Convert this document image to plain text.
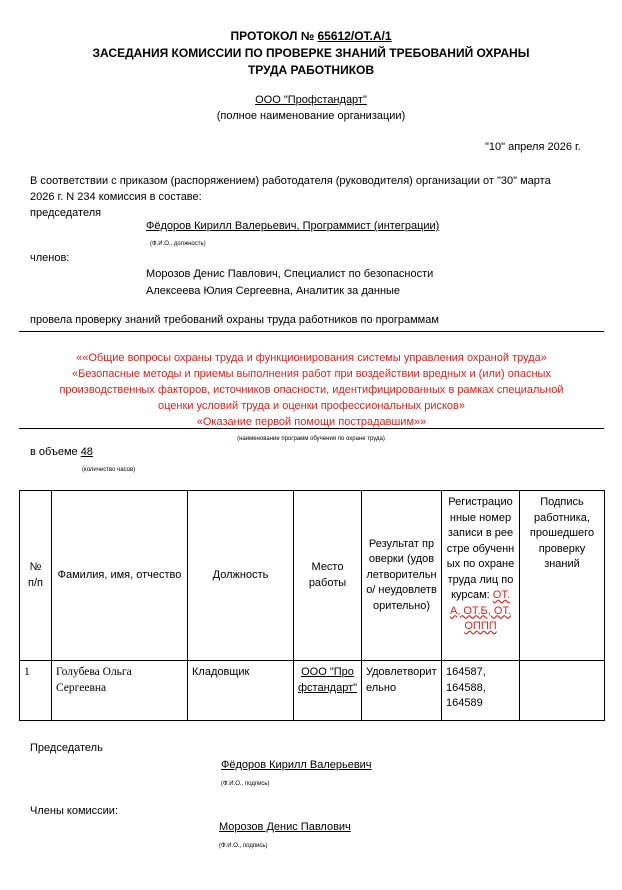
ПРОТОКОЛ № 65612/ОТ.А/1
ЗАСЕДАНИЯ КОМИССИИ ПО ПРОВЕРКЕ ЗНАНИЙ ТРЕБОВАНИЙ ОХРАНЫ
ТРУДА РАБОТНИКОВ
ООО "Профстандарт"
(полное наименование организации)
"10" апреля 2026 г.
В соответствии с приказом (распоряжением) работодателя (руководителя) организации от "30" марта
2026 г. N 234 комиссия в составе:
председателя
Фёдоров Кирилл Валерьевич, Программист (интеграции)
(Ф.И.О., должность)
членов:
Морозов Денис Павлович, Специалист по безопасности
Алексеева Юлия Сергеевна, Аналитик за данные
провела проверку знаний требований охраны труда работников по программам
««Общие вопросы охраны труда и функционирования системы управления охраной труда»
«Безопасные методы и приемы выполнения работ при воздействии вредных и (или) опасных
производственных факторов, источников опасности, идентифицированных в рамках специальной
оценки условий труда и оценки профессиональных рисков»
«Оказание первой помощи пострадавшим»»
(наименование программ обучения по охране труда)
в объеме 48
(количество часов)
№ п/п	Фамилия, имя, отчество	Должность	Место работы	Результат проверки (удовлетворительно/ неудовлетворительно)	Регистрационные номер записи в реестре обученных по охране труда лиц по курсам: ОТ.А, ОТ.Б, ОТ.ОППП	Подпись работника, прошедшего проверку знаний
1	Голубева Ольга Сергеевна	Кладовщик	ООО "Профстандарт"	Удовлетворительно	164587, 164588, 164589	
Председатель
Фёдоров Кирилл Валерьевич
(Ф.И.О., подпись)
Члены комиссии:
Морозов Денис Павлович
(Ф.И.О., подпись)
